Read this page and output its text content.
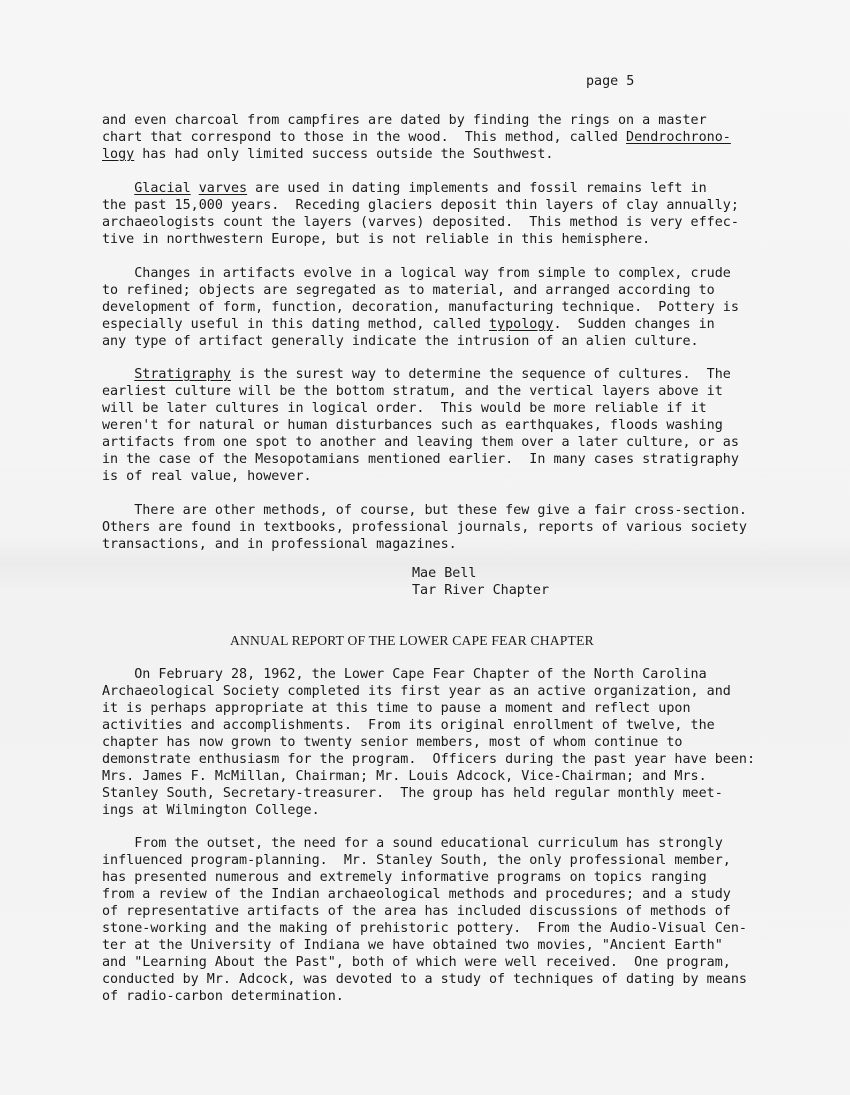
page 5
and even charcoal from campfires are dated by finding the rings on a master
chart that correspond to those in the wood.  This method, called Dendrochrono-
logy has had only limited success outside the Southwest.
Glacial varves are used in dating implements and fossil remains left in
the past 15,000 years.  Receding glaciers deposit thin layers of clay annually;
archaeologists count the layers (varves) deposited.  This method is very effec-
tive in northwestern Europe, but is not reliable in this hemisphere.
Changes in artifacts evolve in a logical way from simple to complex, crude
to refined; objects are segregated as to material, and arranged according to
development of form, function, decoration, manufacturing technique.  Pottery is
especially useful in this dating method, called typology.  Sudden changes in
any type of artifact generally indicate the intrusion of an alien culture.
Stratigraphy is the surest way to determine the sequence of cultures.  The
earliest culture will be the bottom stratum, and the vertical layers above it
will be later cultures in logical order.  This would be more reliable if it
weren't for natural or human disturbances such as earthquakes, floods washing
artifacts from one spot to another and leaving them over a later culture, or as
in the case of the Mesopotamians mentioned earlier.  In many cases stratigraphy
is of real value, however.
There are other methods, of course, but these few give a fair cross-section.
Others are found in textbooks, professional journals, reports of various society
transactions, and in professional magazines.
Mae Bell
Tar River Chapter
ANNUAL REPORT OF THE LOWER CAPE FEAR CHAPTER
On February 28, 1962, the Lower Cape Fear Chapter of the North Carolina
Archaeological Society completed its first year as an active organization, and
it is perhaps appropriate at this time to pause a moment and reflect upon
activities and accomplishments.  From its original enrollment of twelve, the
chapter has now grown to twenty senior members, most of whom continue to
demonstrate enthusiasm for the program.  Officers during the past year have been:
Mrs. James F. McMillan, Chairman; Mr. Louis Adcock, Vice-Chairman; and Mrs.
Stanley South, Secretary-treasurer.  The group has held regular monthly meet-
ings at Wilmington College.
From the outset, the need for a sound educational curriculum has strongly
influenced program-planning.  Mr. Stanley South, the only professional member,
has presented numerous and extremely informative programs on topics ranging
from a review of the Indian archaeological methods and procedures; and a study
of representative artifacts of the area has included discussions of methods of
stone-working and the making of prehistoric pottery.  From the Audio-Visual Cen-
ter at the University of Indiana we have obtained two movies, "Ancient Earth"
and "Learning About the Past", both of which were well received.  One program,
conducted by Mr. Adcock, was devoted to a study of techniques of dating by means
of radio-carbon determination.
